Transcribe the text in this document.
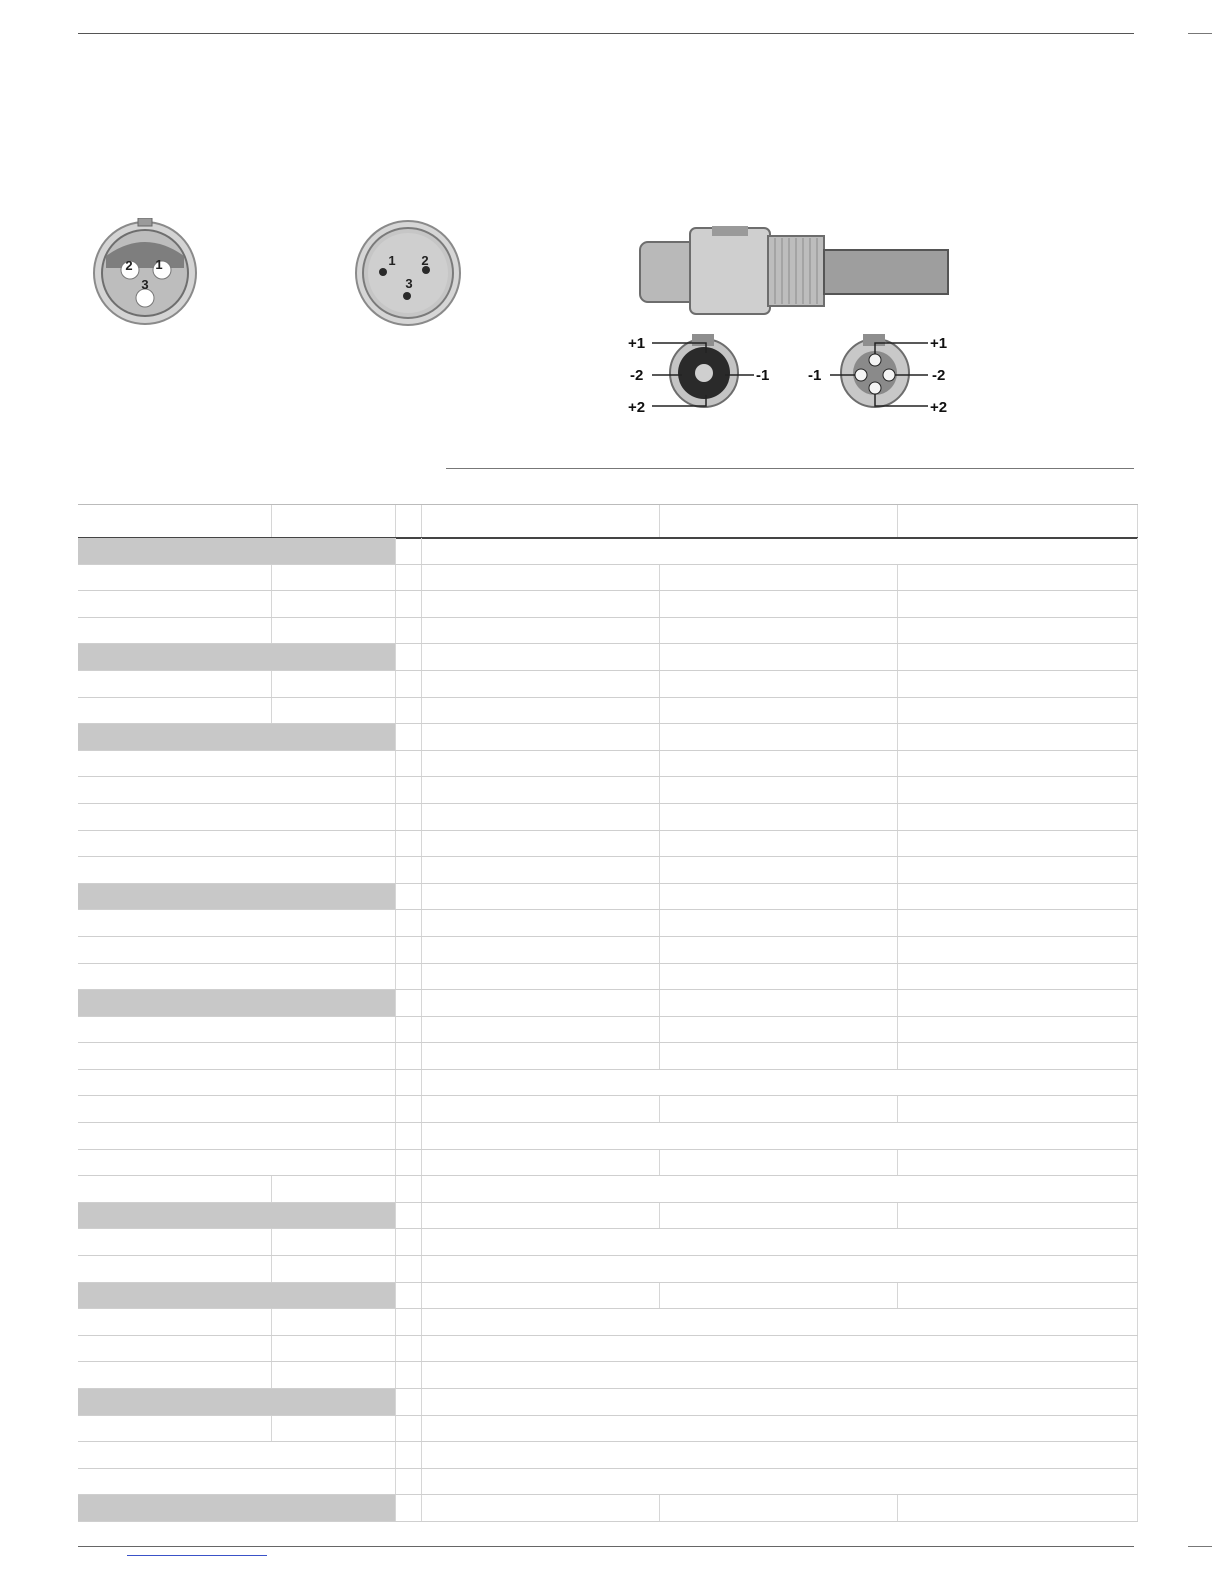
2 1
3
1 2
3
+1
-2	-1
+2
+1
-1	-2
+2
